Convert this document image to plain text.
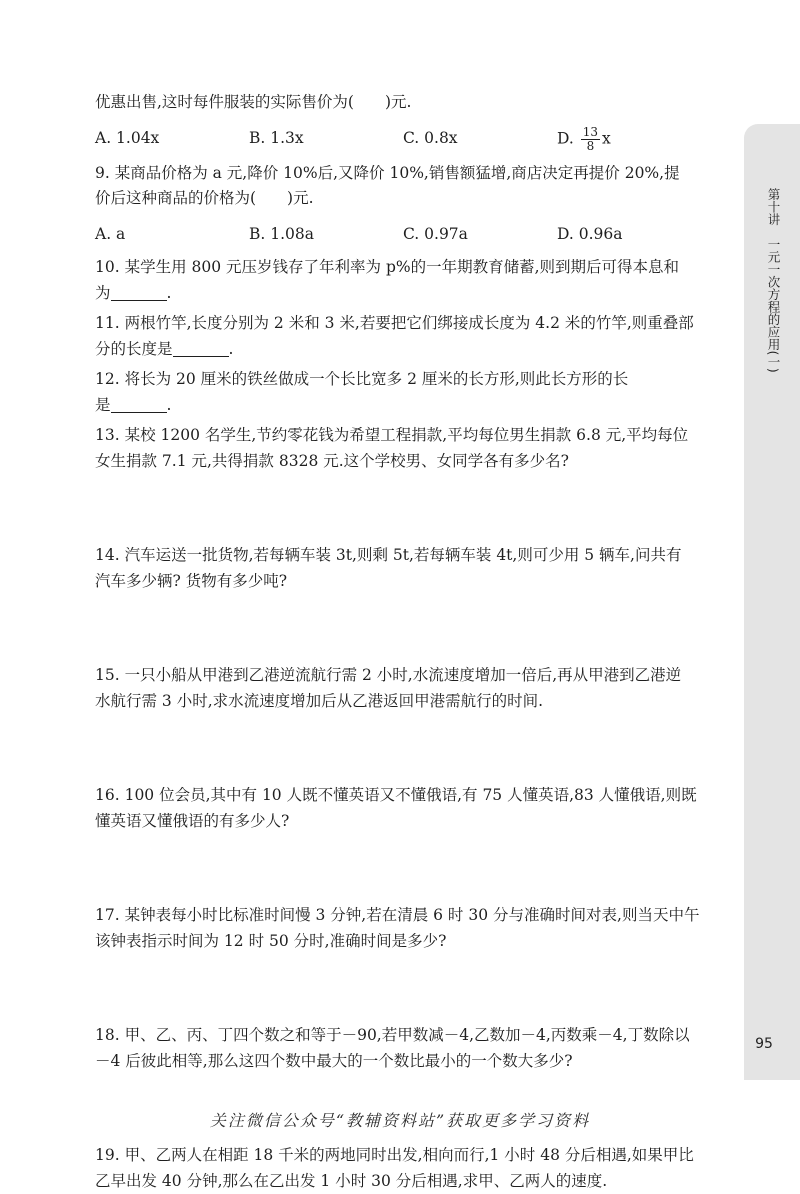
第十讲　一元一次方程的应用(一)
95
优惠出售,这时每件服装的实际售价为(　　)元.
A. 1.04x	B. 1.3x	C. 0.8x	D. $\frac{13}{8}$ x
9. 某商品价格为 a 元,降价 10%后,又降价 10%,销售额猛增,商店决定再提价 20%,提
价后这种商品的价格为(　　)元.
A. a	B. 1.08a	C. 0.97a	D. 0.96a
10. 某学生用 800 元压岁钱存了年利率为 p%的一年期教育储蓄,则到期后可得本息和
为	.
11. 两根竹竿,长度分别为 2 米和 3 米,若要把它们绑接成长度为 4.2 米的竹竿,则重叠部
分的长度是	.
12. 将长为 20 厘米的铁丝做成一个长比宽多 2 厘米的长方形,则此长方形的长
是	.
13. 某校 1200 名学生,节约零花钱为希望工程捐款,平均每位男生捐款 6.8 元,平均每位
女生捐款 7.1 元,共得捐款 8328 元.这个学校男、女同学各有多少名?
14. 汽车运送一批货物,若每辆车装 3t,则剩 5t,若每辆车装 4t,则可少用 5 辆车,问共有
汽车多少辆? 货物有多少吨?
15. 一只小船从甲港到乙港逆流航行需 2 小时,水流速度增加一倍后,再从甲港到乙港逆
水航行需 3 小时,求水流速度增加后从乙港返回甲港需航行的时间.
16. 100 位会员,其中有 10 人既不懂英语又不懂俄语,有 75 人懂英语,83 人懂俄语,则既
懂英语又懂俄语的有多少人?
17. 某钟表每小时比标准时间慢 3 分钟,若在清晨 6 时 30 分与准确时间对表,则当天中午
该钟表指示时间为 12 时 50 分时,准确时间是多少?
18. 甲、乙、丙、丁四个数之和等于－90,若甲数减－4,乙数加－4,丙数乘－4,丁数除以
－4 后彼此相等,那么这四个数中最大的一个数比最小的一个数大多少?
19. 甲、乙两人在相距 18 千米的两地同时出发,相向而行,1 小时 48 分后相遇,如果甲比
乙早出发 40 分钟,那么在乙出发 1 小时 30 分后相遇,求甲、乙两人的速度.
关注微信公众号“教辅资料站”获取更多学习资料
